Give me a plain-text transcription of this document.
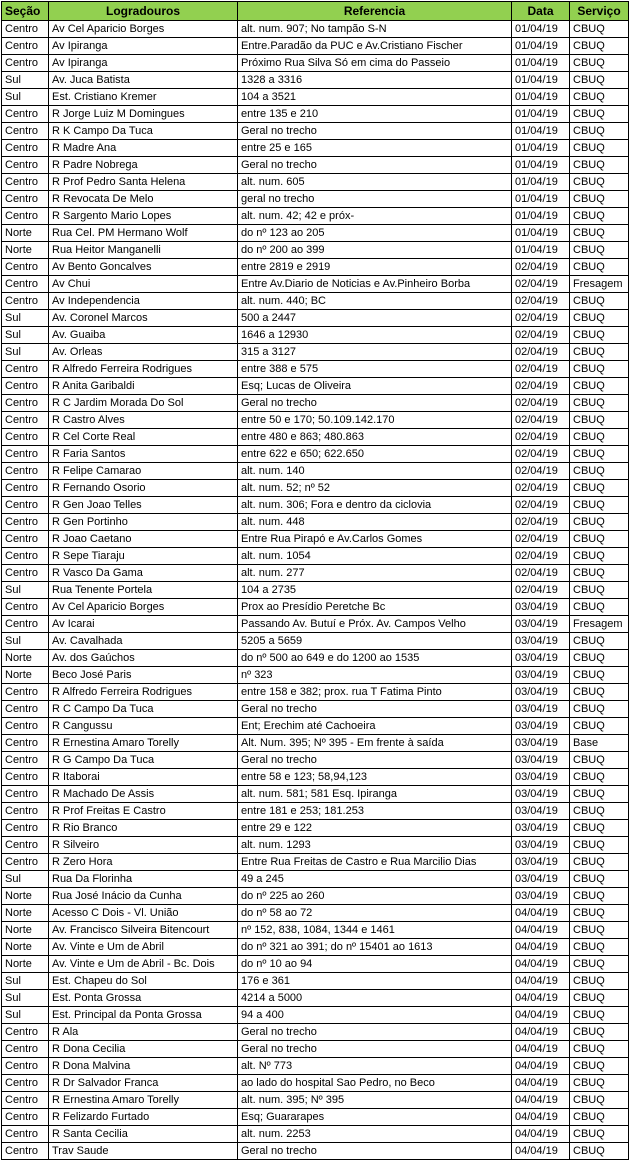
Seção	Logradouros	Referencia	Data	Serviço
Centro	Av Cel Aparicio Borges	alt. num. 907; No tampão S-N	01/04/19	CBUQ
Centro	Av Ipiranga	Entre.Paradão da PUC e Av.Cristiano Fischer	01/04/19	CBUQ
Centro	Av Ipiranga	Próximo Rua Silva Só em cima do Passeio	01/04/19	CBUQ
Sul	Av. Juca Batista	1328 a 3316	01/04/19	CBUQ
Sul	Est. Cristiano Kremer	104 a 3521	01/04/19	CBUQ
Centro	R Jorge Luiz M Domingues	entre 135 e 210	01/04/19	CBUQ
Centro	R K Campo Da Tuca	Geral no trecho	01/04/19	CBUQ
Centro	R Madre Ana	entre 25 e 165	01/04/19	CBUQ
Centro	R Padre Nobrega	Geral no trecho	01/04/19	CBUQ
Centro	R Prof Pedro Santa Helena	alt. num. 605	01/04/19	CBUQ
Centro	R Revocata De Melo	geral no trecho	01/04/19	CBUQ
Centro	R Sargento Mario Lopes	alt. num. 42; 42 e próx-	01/04/19	CBUQ
Norte	Rua Cel. PM Hermano Wolf	do nº 123 ao 205	01/04/19	CBUQ
Norte	Rua Heitor Manganelli	do nº 200 ao 399	01/04/19	CBUQ
Centro	Av Bento Goncalves	entre 2819 e 2919	02/04/19	CBUQ
Centro	Av Chui	Entre Av.Diario de Noticias e Av.Pinheiro Borba	02/04/19	Fresagem
Centro	Av Independencia	alt. num. 440; BC	02/04/19	CBUQ
Sul	Av. Coronel Marcos	500 a 2447	02/04/19	CBUQ
Sul	Av. Guaiba	1646 a 12930	02/04/19	CBUQ
Sul	Av. Orleas	315 a 3127	02/04/19	CBUQ
Centro	R Alfredo Ferreira Rodrigues	entre 388 e 575	02/04/19	CBUQ
Centro	R Anita Garibaldi	Esq; Lucas de Oliveira	02/04/19	CBUQ
Centro	R C Jardim Morada Do Sol	Geral no trecho	02/04/19	CBUQ
Centro	R Castro Alves	entre 50 e 170; 50.109.142.170	02/04/19	CBUQ
Centro	R Cel Corte Real	entre 480 e 863; 480.863	02/04/19	CBUQ
Centro	R Faria Santos	entre 622 e 650; 622.650	02/04/19	CBUQ
Centro	R Felipe Camarao	alt. num. 140	02/04/19	CBUQ
Centro	R Fernando Osorio	alt. num. 52; nº 52	02/04/19	CBUQ
Centro	R Gen Joao Telles	alt. num. 306; Fora e dentro da ciclovia	02/04/19	CBUQ
Centro	R Gen Portinho	alt. num. 448	02/04/19	CBUQ
Centro	R Joao Caetano	Entre Rua Pirapó e Av.Carlos Gomes	02/04/19	CBUQ
Centro	R Sepe Tiaraju	alt. num. 1054	02/04/19	CBUQ
Centro	R Vasco Da Gama	alt. num. 277	02/04/19	CBUQ
Sul	Rua Tenente Portela	104 a 2735	02/04/19	CBUQ
Centro	Av Cel Aparicio Borges	Prox ao Presídio Peretche Bc	03/04/19	CBUQ
Centro	Av Icarai	Passando Av. Butuí e Próx. Av. Campos Velho	03/04/19	Fresagem
Sul	Av. Cavalhada	5205 a 5659	03/04/19	CBUQ
Norte	Av. dos Gaúchos	do nº 500 ao 649 e do 1200 ao 1535	03/04/19	CBUQ
Norte	Beco José Paris	nº 323	03/04/19	CBUQ
Centro	R Alfredo Ferreira Rodrigues	entre 158 e 382; prox. rua T Fatima Pinto	03/04/19	CBUQ
Centro	R C Campo Da Tuca	Geral no trecho	03/04/19	CBUQ
Centro	R Cangussu	Ent; Erechim até Cachoeira	03/04/19	CBUQ
Centro	R Ernestina Amaro Torelly	Alt. Num. 395; Nº 395 - Em frente à saída	03/04/19	Base
Centro	R G Campo Da Tuca	Geral no trecho	03/04/19	CBUQ
Centro	R Itaborai	entre 58 e 123; 58,94,123	03/04/19	CBUQ
Centro	R Machado De Assis	alt. num. 581; 581 Esq. Ipiranga	03/04/19	CBUQ
Centro	R Prof Freitas E Castro	entre 181 e 253; 181.253	03/04/19	CBUQ
Centro	R Rio Branco	entre 29 e 122	03/04/19	CBUQ
Centro	R Silveiro	alt. num. 1293	03/04/19	CBUQ
Centro	R Zero Hora	Entre Rua Freitas de Castro e Rua Marcilio Dias	03/04/19	CBUQ
Sul	Rua Da Florinha	49 a 245	03/04/19	CBUQ
Norte	Rua José Inácio da Cunha	do nº 225 ao 260	03/04/19	CBUQ
Norte	Acesso C Dois - Vl. União	do nº 58 ao 72	04/04/19	CBUQ
Norte	Av. Francisco Silveira Bitencourt	nº 152, 838, 1084, 1344 e 1461	04/04/19	CBUQ
Norte	Av. Vinte e Um de Abril	do nº 321 ao 391; do nº 15401 ao 1613	04/04/19	CBUQ
Norte	Av. Vinte e Um de Abril - Bc. Dois	do nº 10 ao 94	04/04/19	CBUQ
Sul	Est. Chapeu do Sol	176 e 361	04/04/19	CBUQ
Sul	Est. Ponta Grossa	4214 a 5000	04/04/19	CBUQ
Sul	Est. Principal da Ponta Grossa	94 a 400	04/04/19	CBUQ
Centro	R Ala	Geral no trecho	04/04/19	CBUQ
Centro	R Dona Cecilia	Geral no trecho	04/04/19	CBUQ
Centro	R Dona Malvina	alt. Nº 773	04/04/19	CBUQ
Centro	R Dr Salvador Franca	ao lado do hospital Sao Pedro, no Beco	04/04/19	CBUQ
Centro	R Ernestina Amaro Torelly	alt. num. 395; Nº 395	04/04/19	CBUQ
Centro	R Felizardo Furtado	Esq; Guararapes	04/04/19	CBUQ
Centro	R Santa Cecilia	alt. num. 2253	04/04/19	CBUQ
Centro	Trav Saude	Geral no trecho	04/04/19	CBUQ
